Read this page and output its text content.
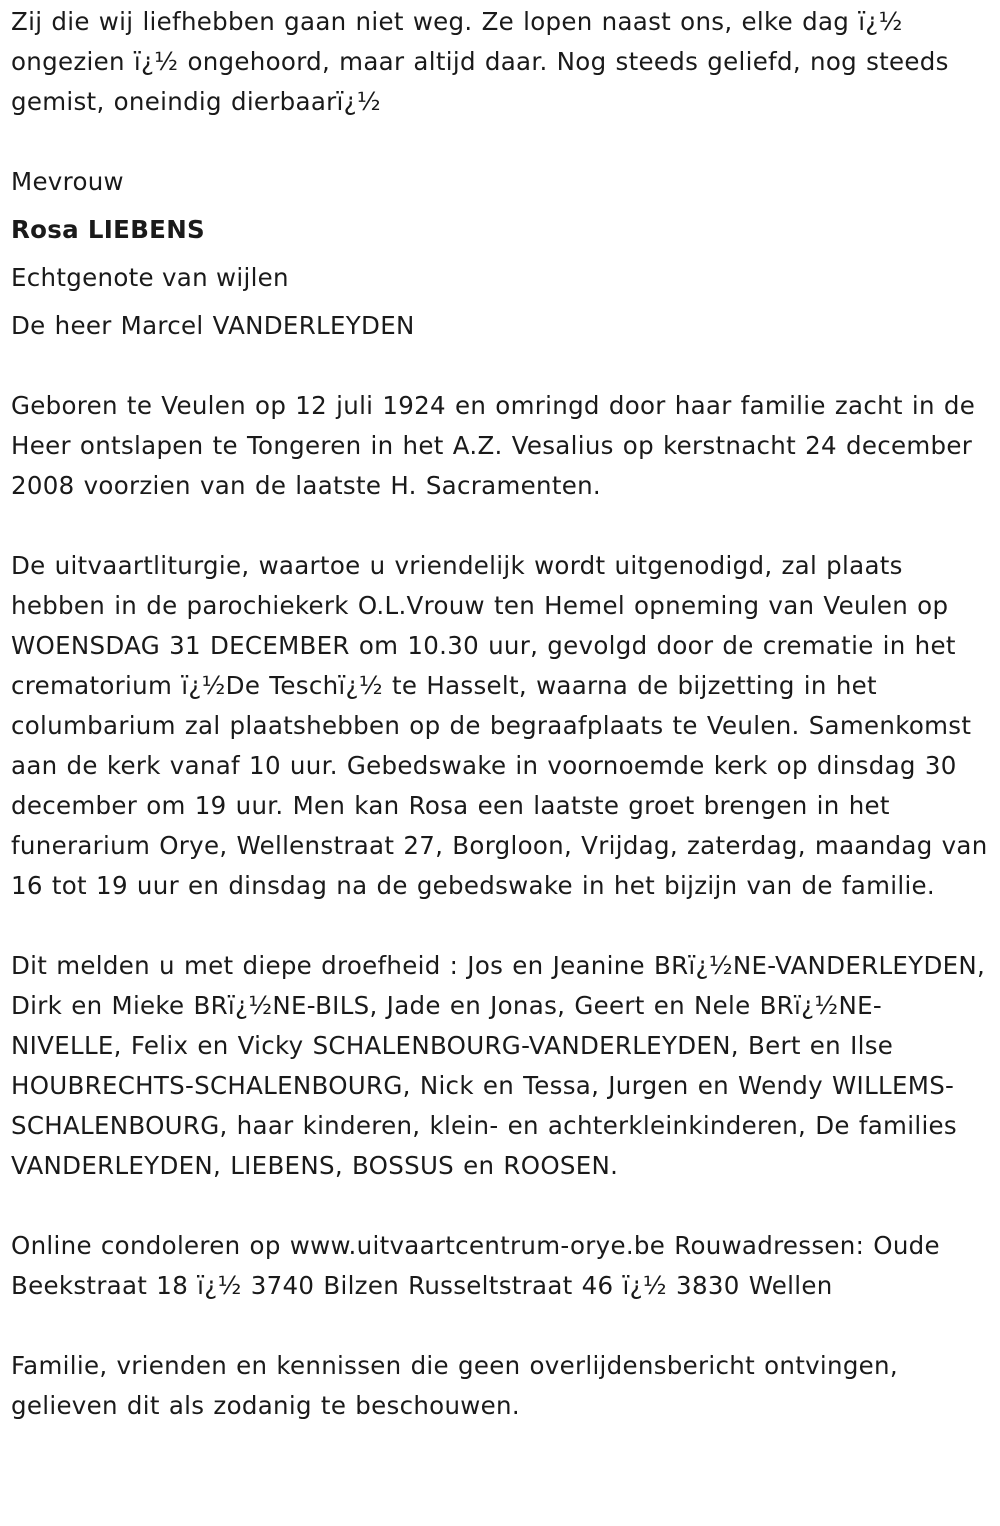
Zij die wij liefhebben gaan niet weg. Ze lopen naast ons, elke dag ï¿½ ongezien ï¿½ ongehoord, maar altijd daar. Nog steeds geliefd, nog steeds gemist, oneindig dierbaarï¿½

Mevrouw

Rosa LIEBENS

Echtgenote van wijlen

De heer Marcel VANDERLEYDEN

Geboren te Veulen op 12 juli 1924 en omringd door haar familie zacht in de Heer ontslapen te Tongeren in het A.Z. Vesalius op kerstnacht 24 december 2008 voorzien van de laatste H. Sacramenten.

De uitvaartliturgie, waartoe u vriendelijk wordt uitgenodigd, zal plaats hebben in de parochiekerk O.L.Vrouw ten Hemel opneming van Veulen op WOENSDAG 31 DECEMBER om 10.30 uur, gevolgd door de crematie in het crematorium ï¿½De Teschï¿½ te Hasselt, waarna de bijzetting in het columbarium zal plaatshebben op de begraafplaats te Veulen. Samenkomst aan de kerk vanaf 10 uur. Gebedswake in voornoemde kerk op dinsdag 30 december om 19 uur. Men kan Rosa een laatste groet brengen in het funerarium Orye, Wellenstraat 27, Borgloon, Vrijdag, zaterdag, maandag van 16 tot 19 uur en dinsdag na de gebedswake in het bijzijn van de familie.

Dit melden u met diepe droefheid : Jos en Jeanine BRï¿½NE-VANDERLEYDEN, Dirk en Mieke BRï¿½NE-BILS, Jade en Jonas, Geert en Nele BRï¿½NE-NIVELLE, Felix en Vicky SCHALENBOURG-VANDERLEYDEN, Bert en Ilse HOUBRECHTS-SCHALENBOURG, Nick en Tessa, Jurgen en Wendy WILLEMS-SCHALENBOURG, haar kinderen, klein- en achterkleinkinderen, De families VANDERLEYDEN, LIEBENS, BOSSUS en ROOSEN.

Online condoleren op www.uitvaartcentrum-orye.be Rouwadressen: Oude Beekstraat 18 ï¿½ 3740 Bilzen Russeltstraat 46 ï¿½ 3830 Wellen

Familie, vrienden en kennissen die geen overlijdensbericht ontvingen, gelieven dit als zodanig te beschouwen.
